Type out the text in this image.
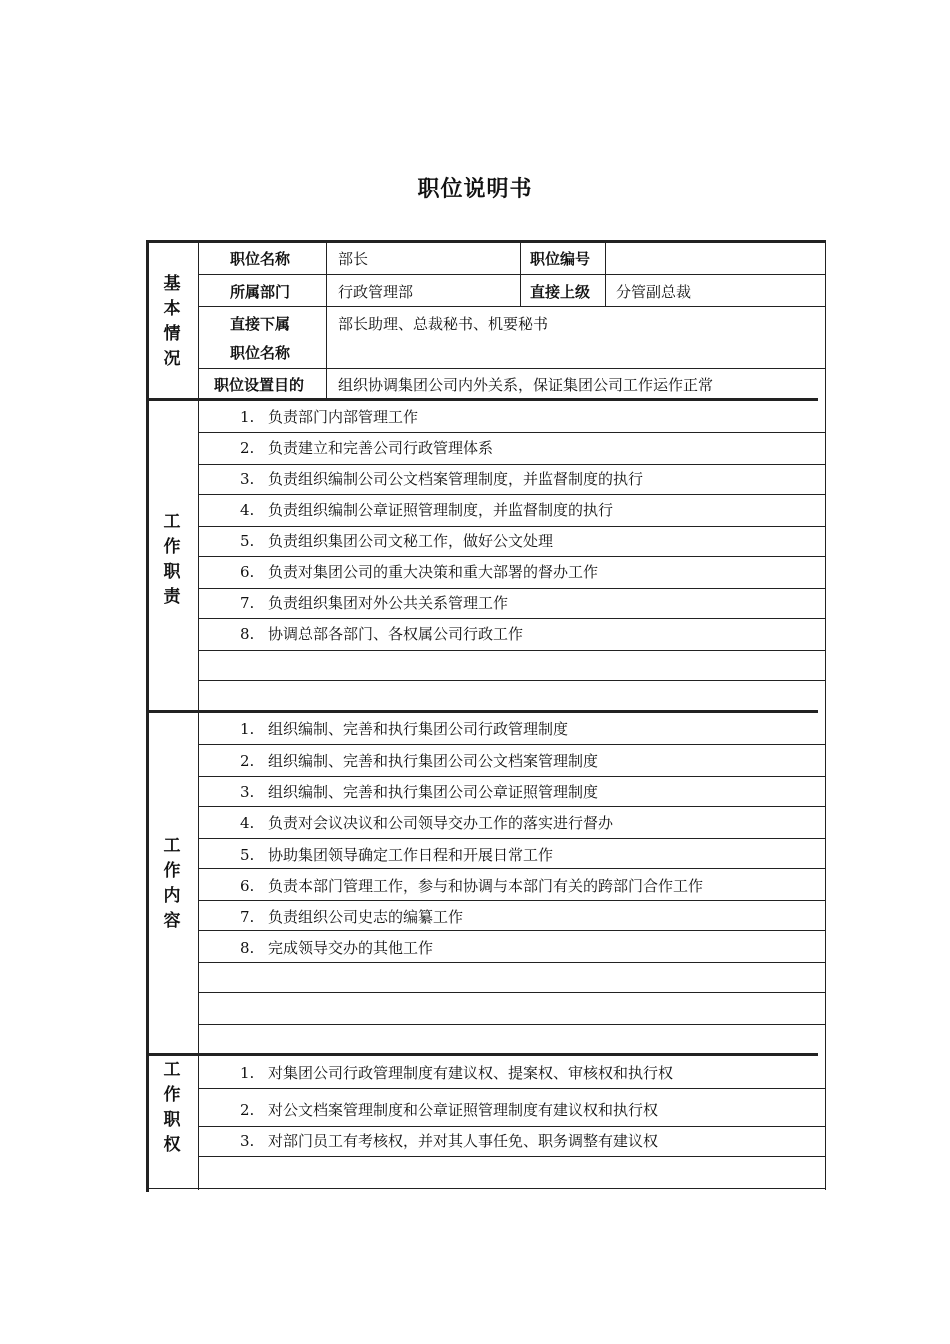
职位说明书
基
本
情
况
职位名称	部长	职位编号
所属部门	行政管理部	直接上级 分管副总裁
直接下属
职位名称
部长助理、总裁秘书、机要秘书
职位设置目的 组织协调集团公司内外关系，保证集团公司工作运作正常
工
作
职
责
1. 负责部门内部管理工作
2. 负责建立和完善公司行政管理体系
3. 负责组织编制公司公文档案管理制度，并监督制度的执行
4. 负责组织编制公章证照管理制度，并监督制度的执行
5. 负责组织集团公司文秘工作，做好公文处理
6. 负责对集团公司的重大决策和重大部署的督办工作
7. 负责组织集团对外公共关系管理工作
8. 协调总部各部门、各权属公司行政工作
工
作
内
容
1. 组织编制、完善和执行集团公司行政管理制度
2. 组织编制、完善和执行集团公司公文档案管理制度
3. 组织编制、完善和执行集团公司公章证照管理制度
4. 负责对会议决议和公司领导交办工作的落实进行督办
5. 协助集团领导确定工作日程和开展日常工作
6. 负责本部门管理工作，参与和协调与本部门有关的跨部门合作工作
7. 负责组织公司史志的编纂工作
8. 完成领导交办的其他工作
工
作
职
权
1. 对集团公司行政管理制度有建议权、提案权、审核权和执行权
2. 对公文档案管理制度和公章证照管理制度有建议权和执行权
3. 对部门员工有考核权，并对其人事任免、职务调整有建议权
